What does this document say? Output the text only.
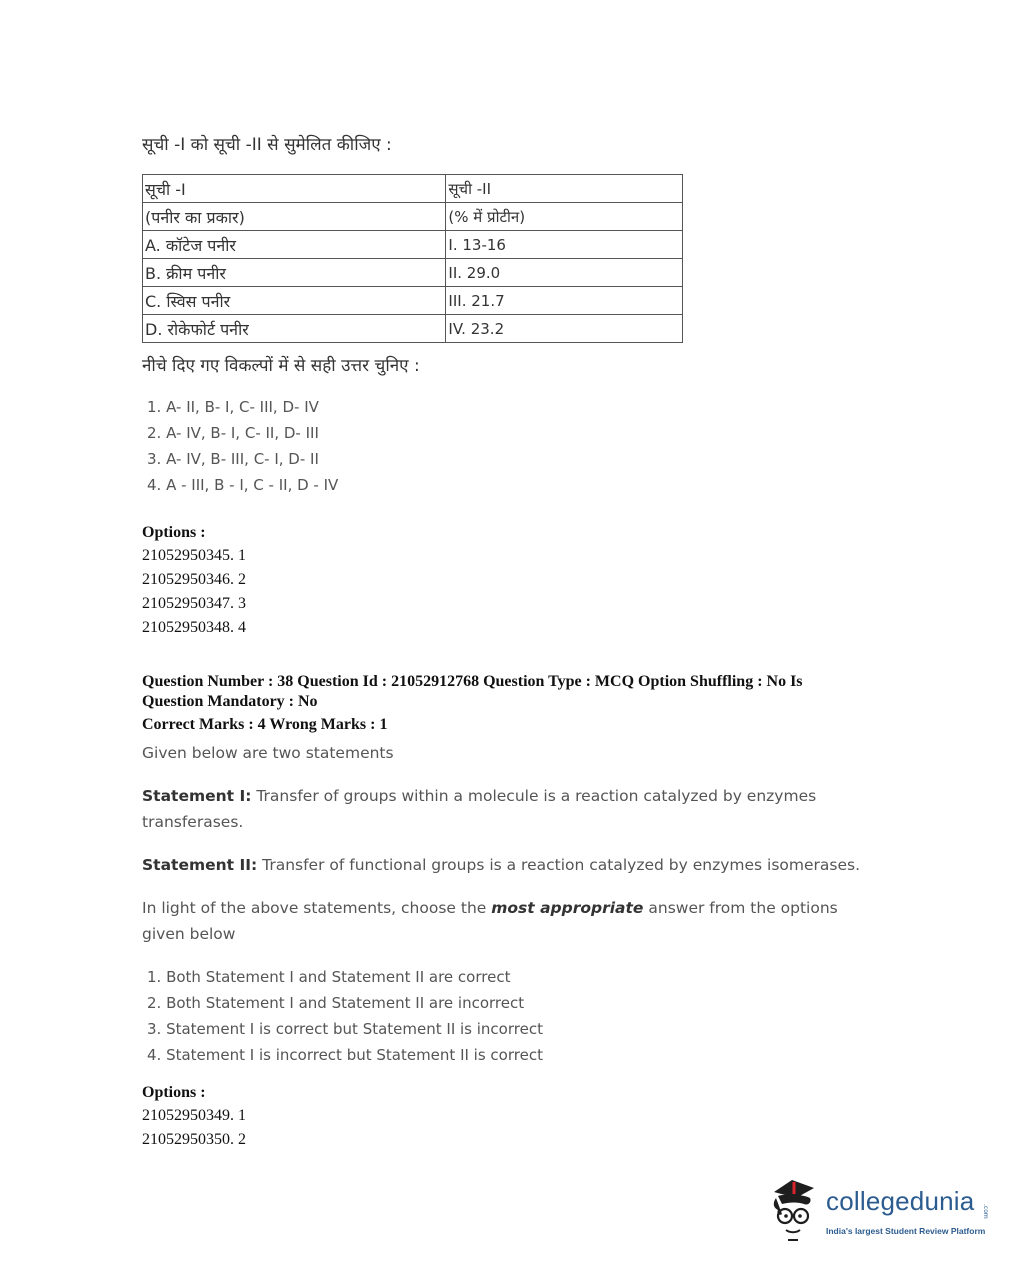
सूची -I को सूची -II से सुमेलित कीजिए :
सूची -I	सूची -II
(पनीर का प्रकार)	(% में प्रोटीन)
A. कॉटेज पनीर	I. 13-16
B. क्रीम पनीर	II. 29.0
C. स्विस पनीर	III. 21.7
D. रोकेफोर्ट पनीर	IV. 23.2
नीचे दिए गए विकल्पों में से सही उत्तर चुनिए :
1. A- II, B- I, C- III, D- IV
2. A- IV, B- I, C- II, D- III
3. A- IV, B- III, C- I, D- II
4. A - III, B - I, C - II, D - IV
Options :
21052950345. 1
21052950346. 2
21052950347. 3
21052950348. 4
Question Number : 38 Question Id : 21052912768 Question Type : MCQ Option Shuffling : No Is
Question Mandatory : No
Correct Marks : 4 Wrong Marks : 1
Given below are two statements
Statement I: Transfer of groups within a molecule is a reaction catalyzed by enzymes transferases.
Statement II: Transfer of functional groups is a reaction catalyzed by enzymes isomerases.
In light of the above statements, choose the most appropriate answer from the options given below
1. Both Statement I and Statement II are correct
2. Both Statement I and Statement II are incorrect
3. Statement I is correct but Statement II is incorrect
4. Statement I is incorrect but Statement II is correct
Options :
21052950349. 1
21052950350. 2
collegedunia .com
India's largest Student Review Platform
